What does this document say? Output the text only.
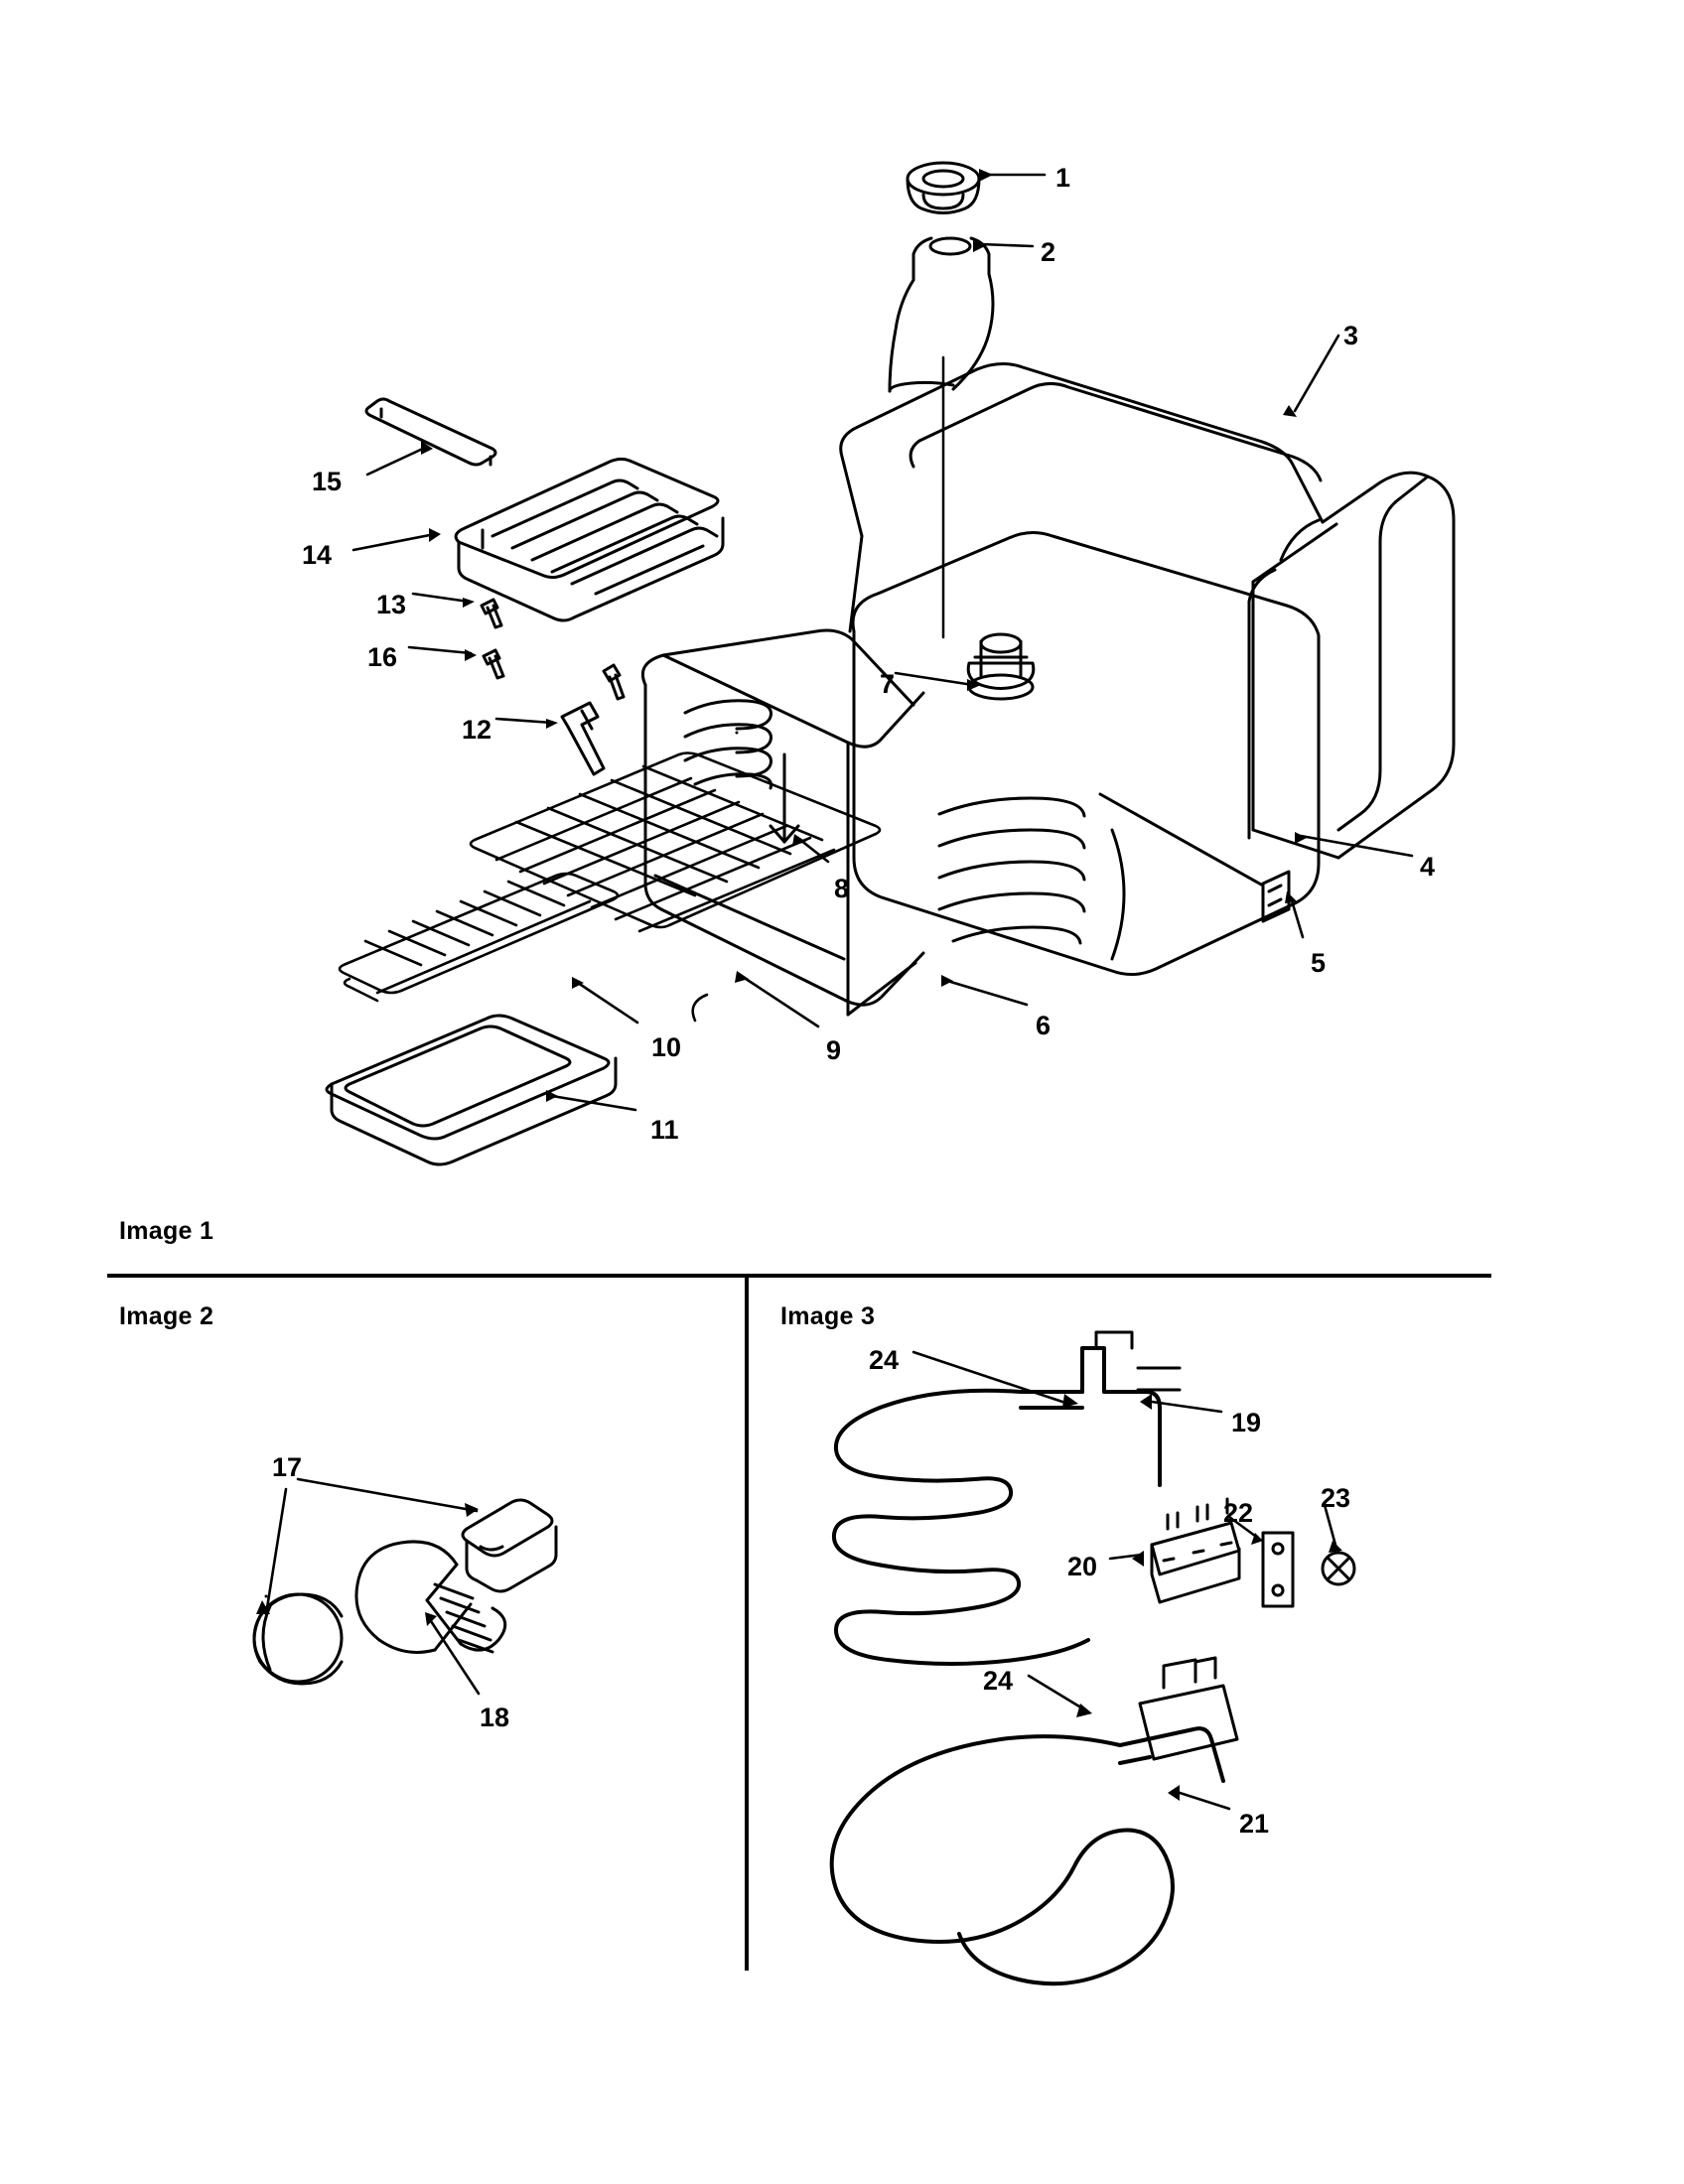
Image 1
Image 2	Image 3
1
2
3
15
14
13
16
12
7
8
4
5
6
9
10
11
17
18
24
19
22	23
20
24
21
